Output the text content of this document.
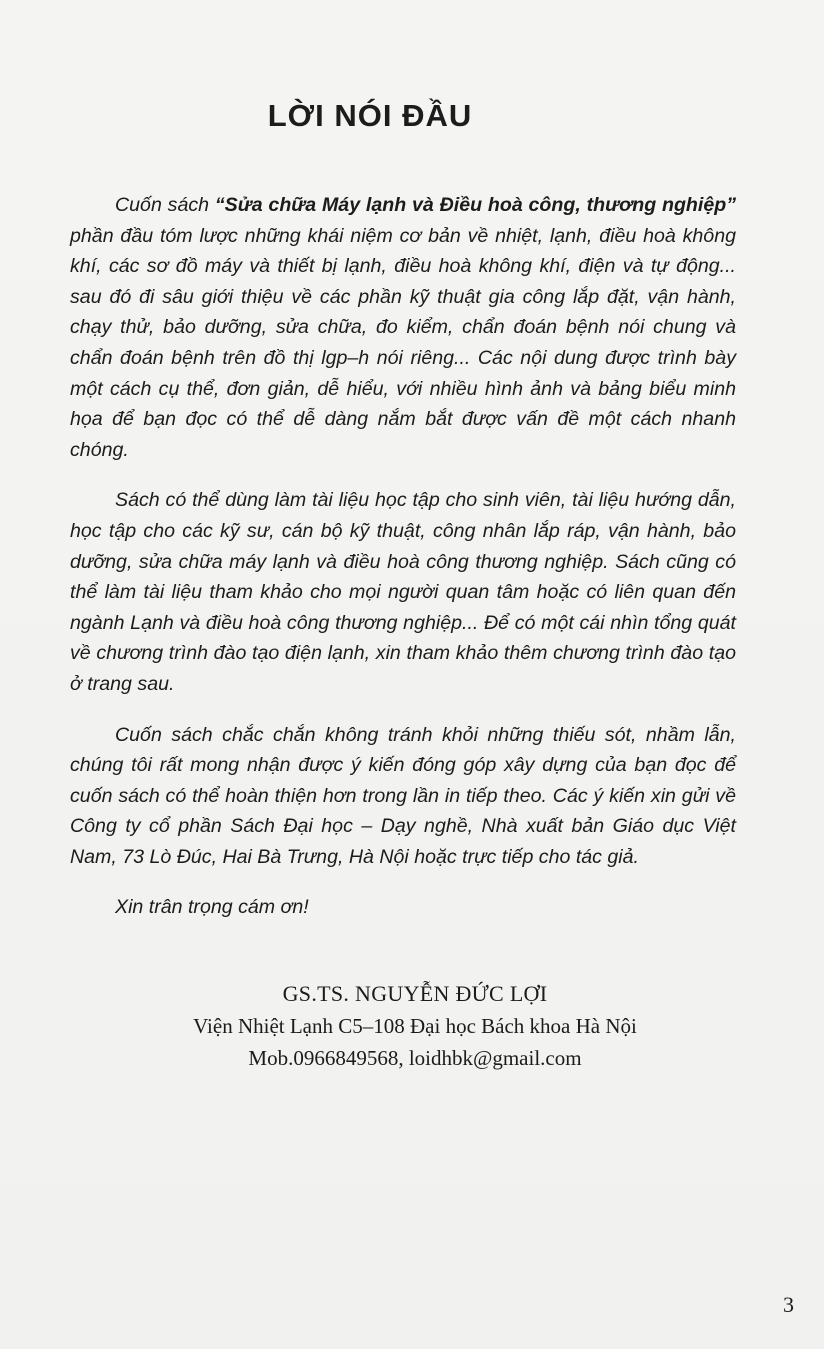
LỜI NÓI ĐẦU

Cuốn sách “Sửa chữa Máy lạnh và Điều hoà công, thương nghiệp” phần đầu tóm lược những khái niệm cơ bản về nhiệt, lạnh, điều hoà không khí, các sơ đồ máy và thiết bị lạnh, điều hoà không khí, điện và tự động... sau đó đi sâu giới thiệu về các phần kỹ thuật gia công lắp đặt, vận hành, chạy thử, bảo dưỡng, sửa chữa, đo kiểm, chẩn đoán bệnh nói chung và chẩn đoán bệnh trên đồ thị lgp–h nói riêng... Các nội dung được trình bày một cách cụ thể, đơn giản, dễ hiểu, với nhiều hình ảnh và bảng biểu minh họa để bạn đọc có thể dễ dàng nắm bắt được vấn đề một cách nhanh chóng.

Sách có thể dùng làm tài liệu học tập cho sinh viên, tài liệu hướng dẫn, học tập cho các kỹ sư, cán bộ kỹ thuật, công nhân lắp ráp, vận hành, bảo dưỡng, sửa chữa máy lạnh và điều hoà công thương nghiệp. Sách cũng có thể làm tài liệu tham khảo cho mọi người quan tâm hoặc có liên quan đến ngành Lạnh và điều hoà công thương nghiệp... Để có một cái nhìn tổng quát về chương trình đào tạo điện lạnh, xin tham khảo thêm chương trình đào tạo ở trang sau.

Cuốn sách chắc chắn không tránh khỏi những thiếu sót, nhầm lẫn, chúng tôi rất mong nhận được ý kiến đóng góp xây dựng của bạn đọc để cuốn sách có thể hoàn thiện hơn trong lần in tiếp theo. Các ý kiến xin gửi về Công ty cổ phần Sách Đại học – Dạy nghề, Nhà xuất bản Giáo dục Việt Nam, 73 Lò Đúc, Hai Bà Trưng, Hà Nội hoặc trực tiếp cho tác giả.

Xin trân trọng cám ơn!

GS.TS. NGUYỄN ĐỨC LỢI
Viện Nhiệt Lạnh C5–108 Đại học Bách khoa Hà Nội
Mob.0966849568, loidhbk@gmail.com
3
